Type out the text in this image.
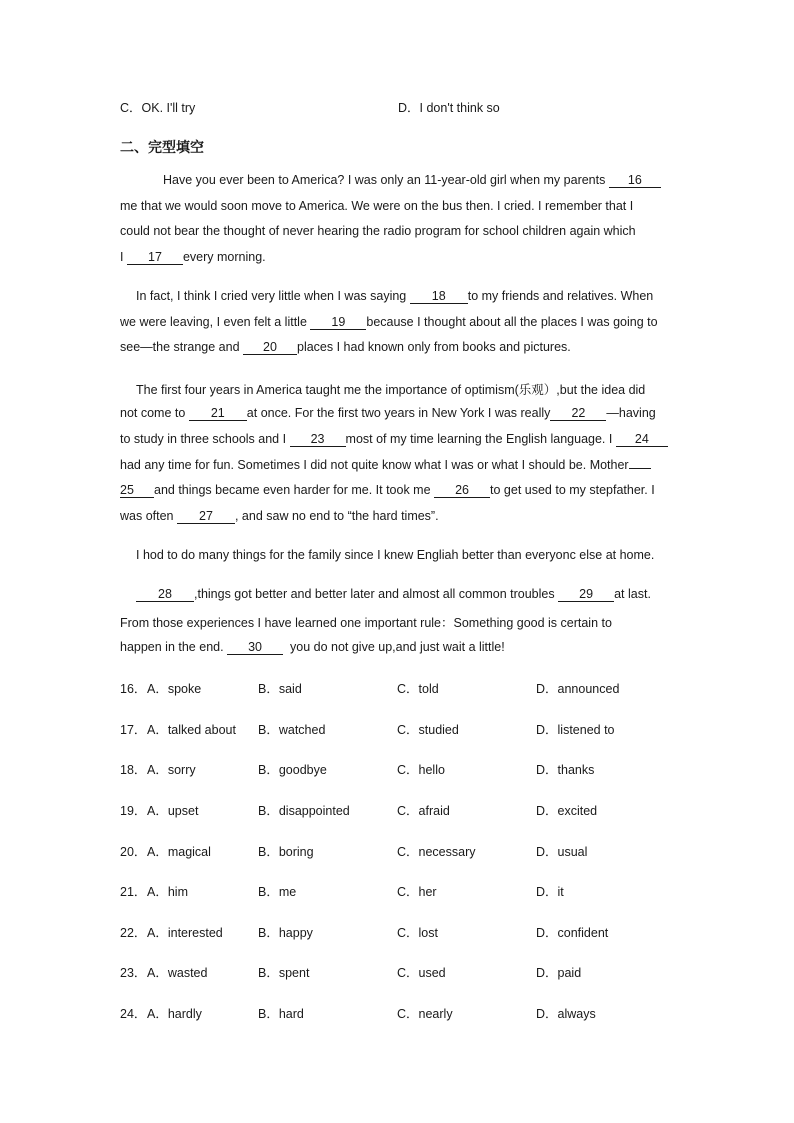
C．OK. I'll try	D．I don't think so
二、完型填空
Have you ever been to America? I was only an 11-year-old girl when my parents 16
me that we would soon move to America. We were on the bus then. I cried. I remember that I
could not bear the thought of never hearing the radio program for school children again which
I 17 every morning.
In fact, I think I cried very little when I was saying 18 to my friends and relatives. When
we were leaving, I even felt a little 19 because I thought about all the places I was going to
see—the strange and 20 places I had known only from books and pictures.
The first four years in America taught me the importance of optimism(乐观）,but the idea did
not come to 21 at once. For the first two years in New York I was really 22 —having
to study in three schools and I 23 most of my time learning the English language. I 24
had any time for fun. Sometimes I did not quite know what I was or what I should be. Mother
25 and things became even harder for me. It took me 26 to get used to my stepfather. I
was often 27 , and saw no end to “the hard times”.
I hod to do many things for the family since I knew Engliah better than everyonc else at home.
28 ,things got better and better later and almost all common troubles 29 at last.
From those experiences I have learned one important rule：Something good is certain to
happen in the end. 30  you do not give up,and just wait a little!
16． A．spoke	B．said	C．told	D．announced
17． A．talked about B．watched	C．studied	D．listened to
18． A．sorry	B．goodbye	C．hello	D．thanks
19． A．upset	B．disappointed	C．afraid	D．excited
20． A．magical	B．boring	C．necessary	D．usual
21． A．him	B．me	C．her	D．it
22． A．interested	B．happy	C．lost	D．confident
23． A．wasted	B．spent	C．used	D．paid
24． A．hardly	B．hard	C．nearly	D．always
